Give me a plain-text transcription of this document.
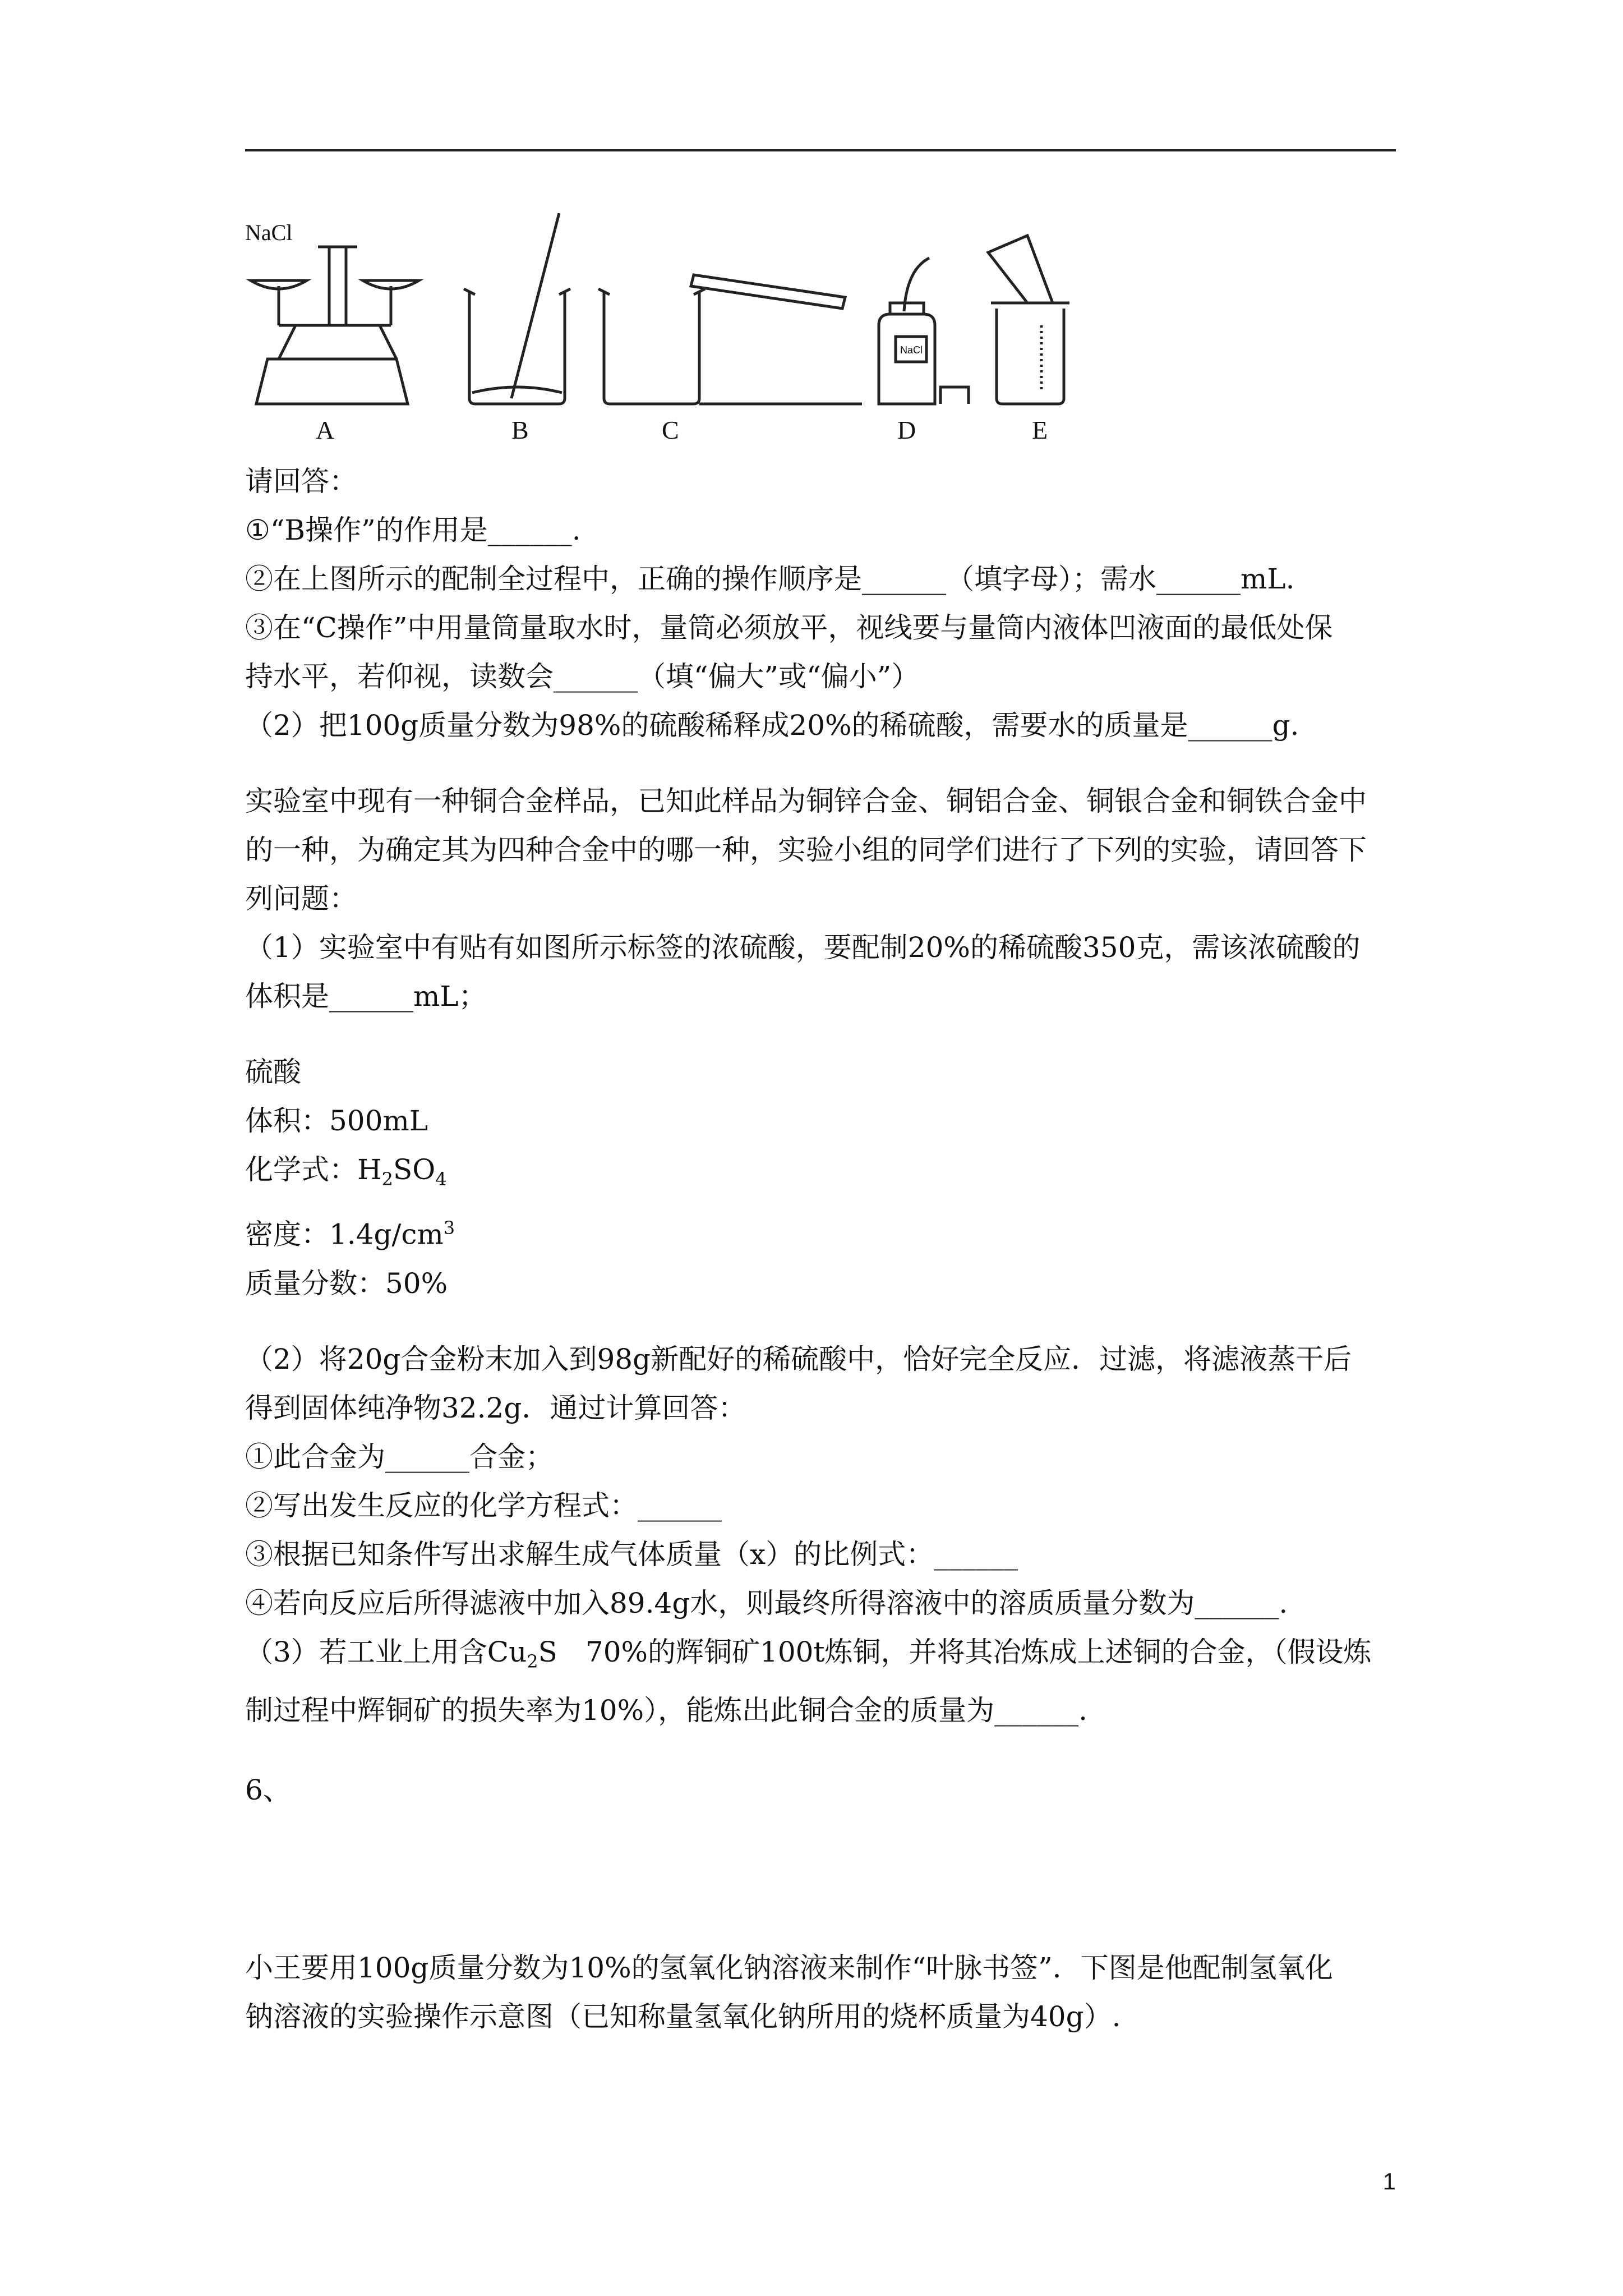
NaCl
NaCl
A	B	C	D	E
请回答：
①“B操作”的作用是______.
②在上图所示的配制全过程中，正确的操作顺序是______（填字母）；需水______mL.
③在“C操作”中用量筒量取水时，量筒必须放平，视线要与量筒内液体凹液面的最低处保
持水平，若仰视，读数会______（填“偏大”或“偏小”）
（2）把100g质量分数为98%的硫酸稀释成20%的稀硫酸，需要水的质量是______g.
实验室中现有一种铜合金样品，已知此样品为铜锌合金、铜铝合金、铜银合金和铜铁合金中
的一种，为确定其为四种合金中的哪一种，实验小组的同学们进行了下列的实验，请回答下
列问题：
（1）实验室中有贴有如图所示标签的浓硫酸，要配制20%的稀硫酸350克，需该浓硫酸的
体积是______mL；
硫酸
体积：500mL
化学式：$H_2SO_4$
密度：$1.4g/cm^3$
质量分数：50%
（2）将20g合金粉末加入到98g新配好的稀硫酸中，恰好完全反应．过滤，将滤液蒸干后
得到固体纯净物32.2g．通过计算回答：
①此合金为______合金；
②写出发生反应的化学方程式：______
③根据已知条件写出求解生成气体质量（x）的比例式：______
④若向反应后所得滤液中加入89.4g水，则最终所得溶液中的溶质质量分数为______.
（3）若工业上用含$Cu_2S$　70%的辉铜矿100t炼铜，并将其冶炼成上述铜的合金，（假设炼
制过程中辉铜矿的损失率为10%），能炼出此铜合金的质量为______.
6、
小王要用100g质量分数为10%的氢氧化钠溶液来制作“叶脉书签”．下图是他配制氢氧化
钠溶液的实验操作示意图（已知称量氢氧化钠所用的烧杯质量为40g）.
1
